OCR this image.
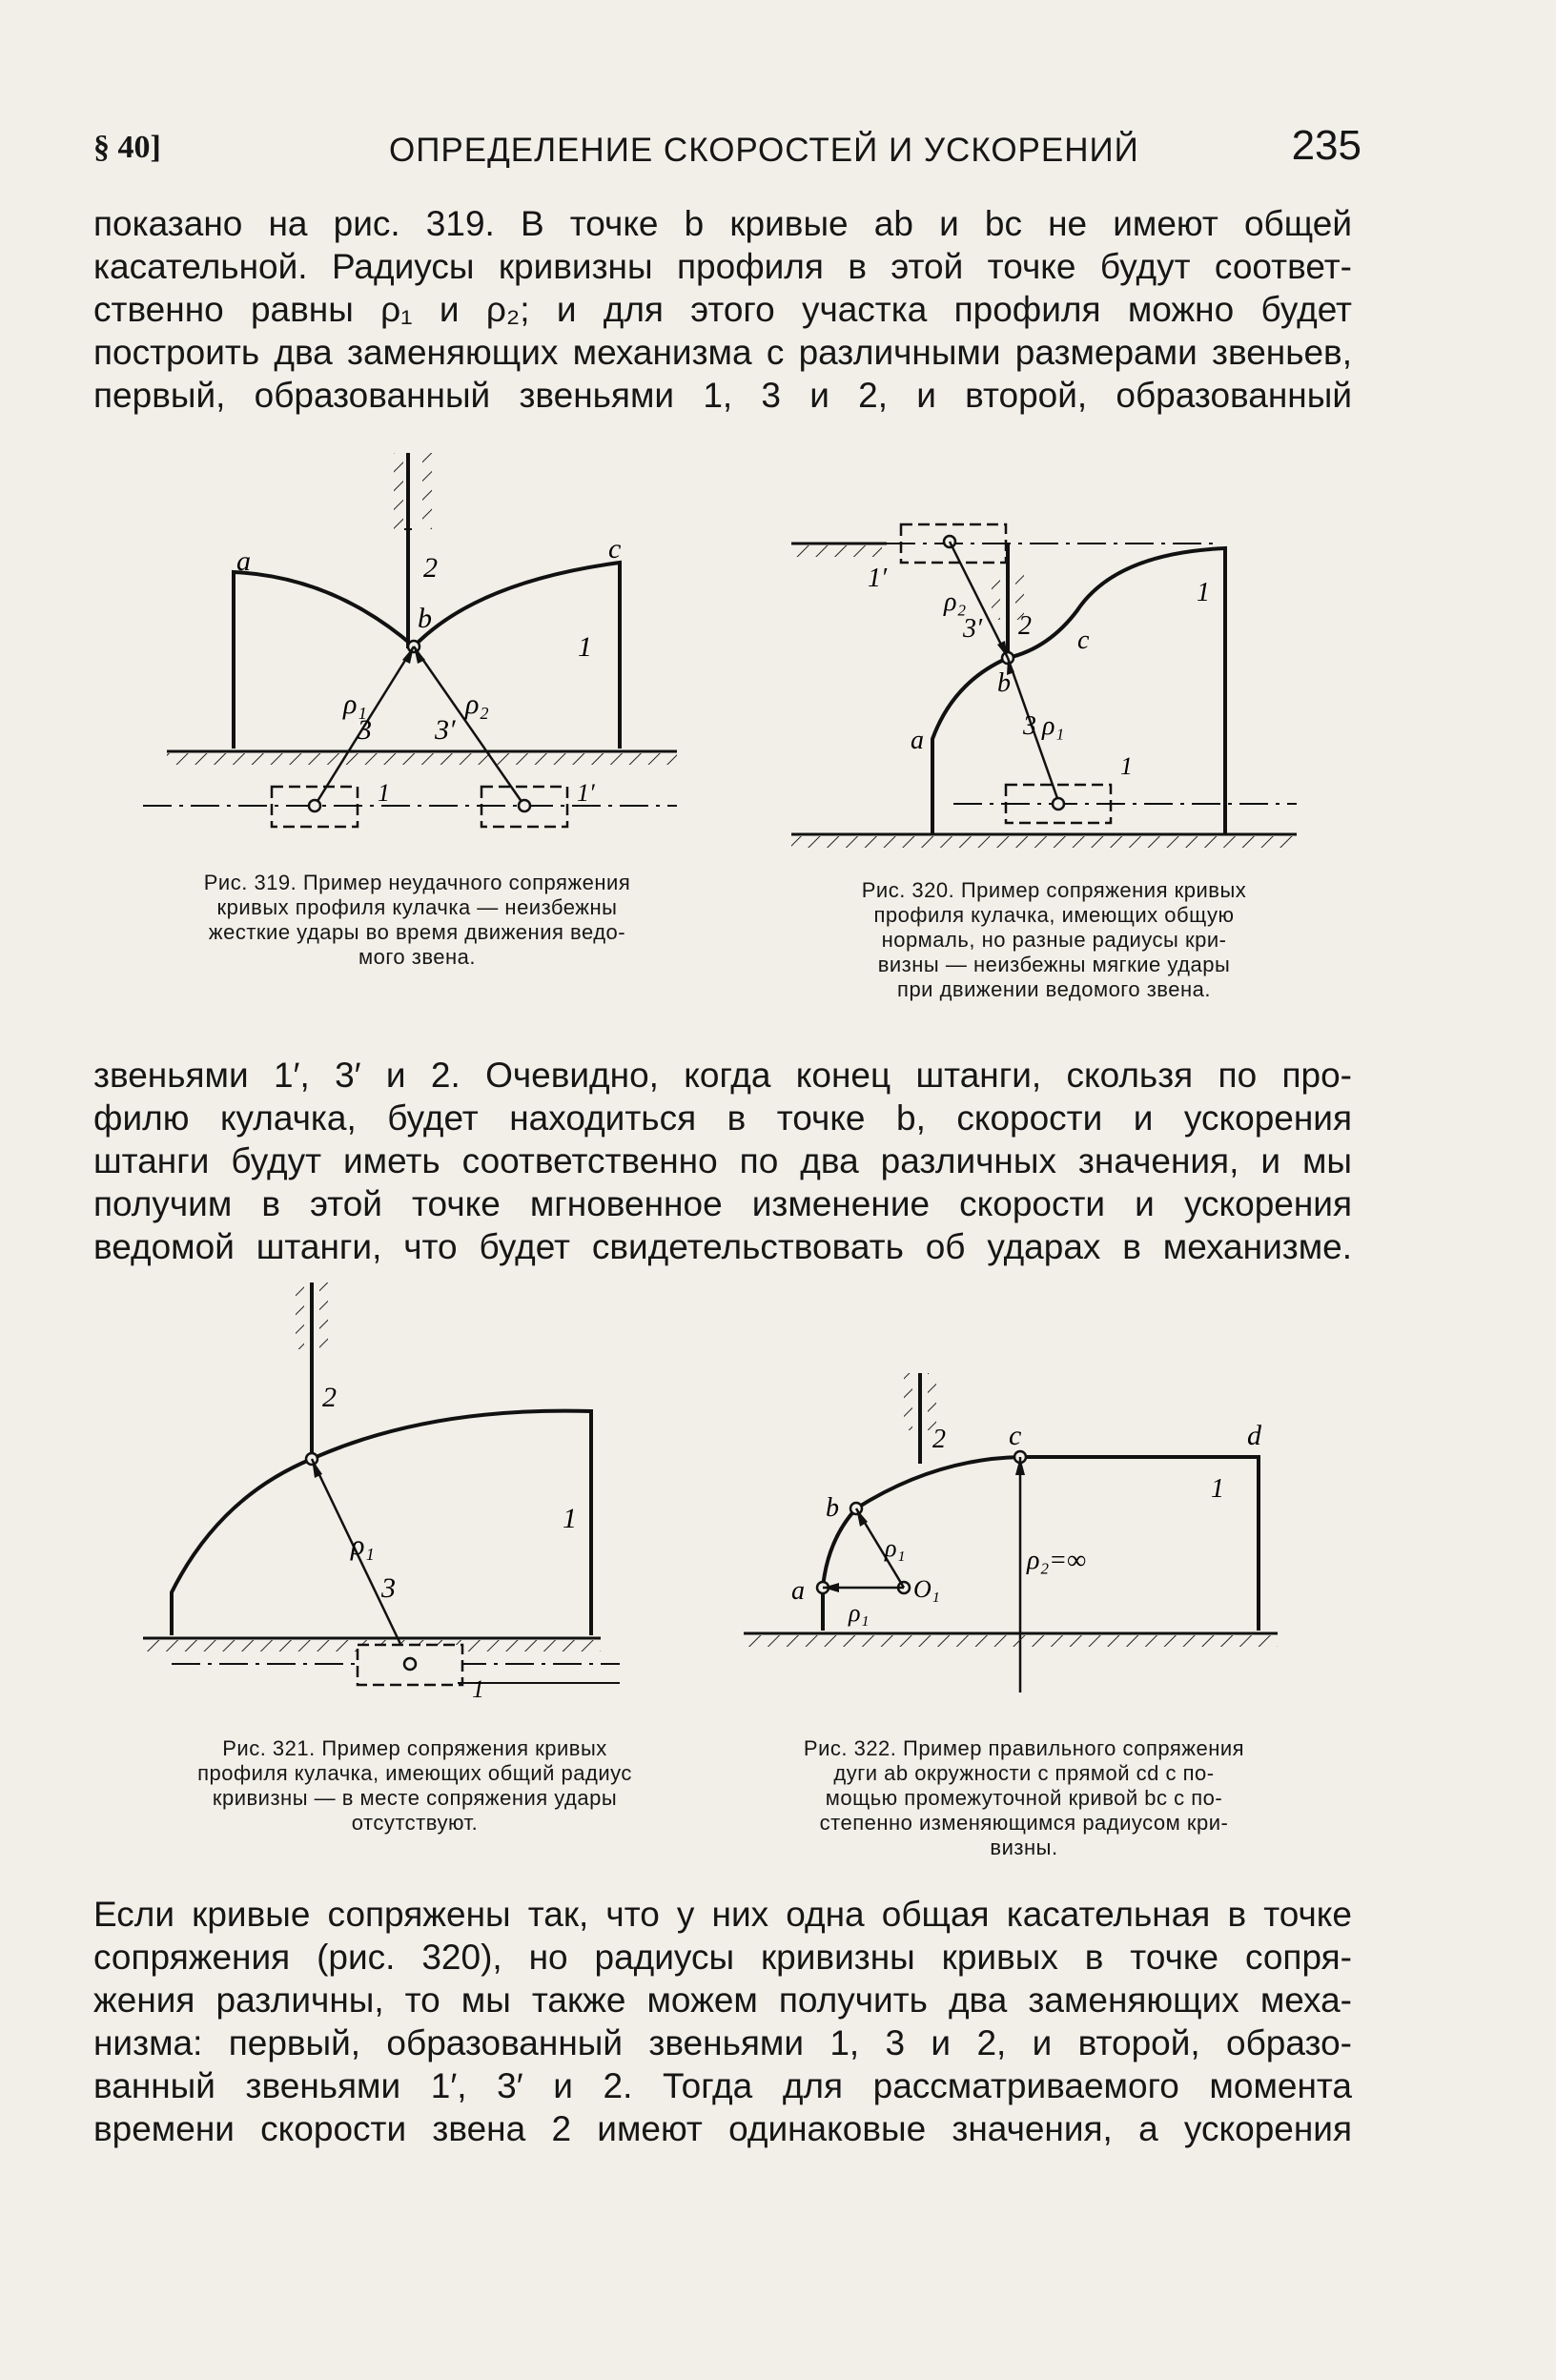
§ 40]	ОПРЕДЕЛЕНИЕ СКОРОСТЕЙ И УСКОРЕНИЙ	235

показано на рис. 319. В точке b кривые ab и bc не имеют общей

касательной. Радиусы кривизны профиля в этой точке будут соответ-

ственно равны ρ₁ и ρ₂; и для этого участка профиля можно будет

построить два заменяющих механизма с различными размерами звеньев,

первый, образованный звеньями 1, 3 и 2, и второй, образованный

a	c
b
2
1
ρ₁
3 3′
ρ₂
1	1′

Рис. 319. Пример неудачного сопряжения

кривых профиля кулачка — неизбежны

жесткие удары во время движения ведо-

мого звена.

1′
ρ₂
3′ 2 c
1
b
a	3 ρ₁
1

Рис. 320. Пример сопряжения кривых

профиля кулачка, имеющих общую

нормаль, но разные радиусы кри-

визны — неизбежны мягкие удары

при движении ведомого звена.

звеньями 1′, 3′ и 2. Очевидно, когда конец штанги, скользя по про-

филю кулачка, будет находиться в точке b, скорости и ускорения

штанги будут иметь соответственно по два различных значения, и мы

получим в этой точке мгновенное изменение скорости и ускорения

ведомой штанги, что будет свидетельствовать об ударах в механизме.

2
1
ρ₁
3
1

Рис. 321. Пример сопряжения кривых

профиля кулачка, имеющих общий радиус

кривизны — в месте сопряжения удары

отсутствуют.

2 c	d
1
b
ρ₁
O₁
a
ρ₁
ρ₂=∞

Рис. 322. Пример правильного сопряжения

дуги ab окружности с прямой cd с по-

мощью промежуточной кривой bc с по-

степенно изменяющимся радиусом кри-

визны.

Если кривые сопряжены так, что у них одна общая касательная в точке

сопряжения (рис. 320), но радиусы кривизны кривых в точке сопря-

жения различны, то мы также можем получить два заменяющих меха-

низма: первый, образованный звеньями 1, 3 и 2, и второй, образо-

ванный звеньями 1′, 3′ и 2. Тогда для рассматриваемого момента

времени скорости звена 2 имеют одинаковые значения, а ускорения
